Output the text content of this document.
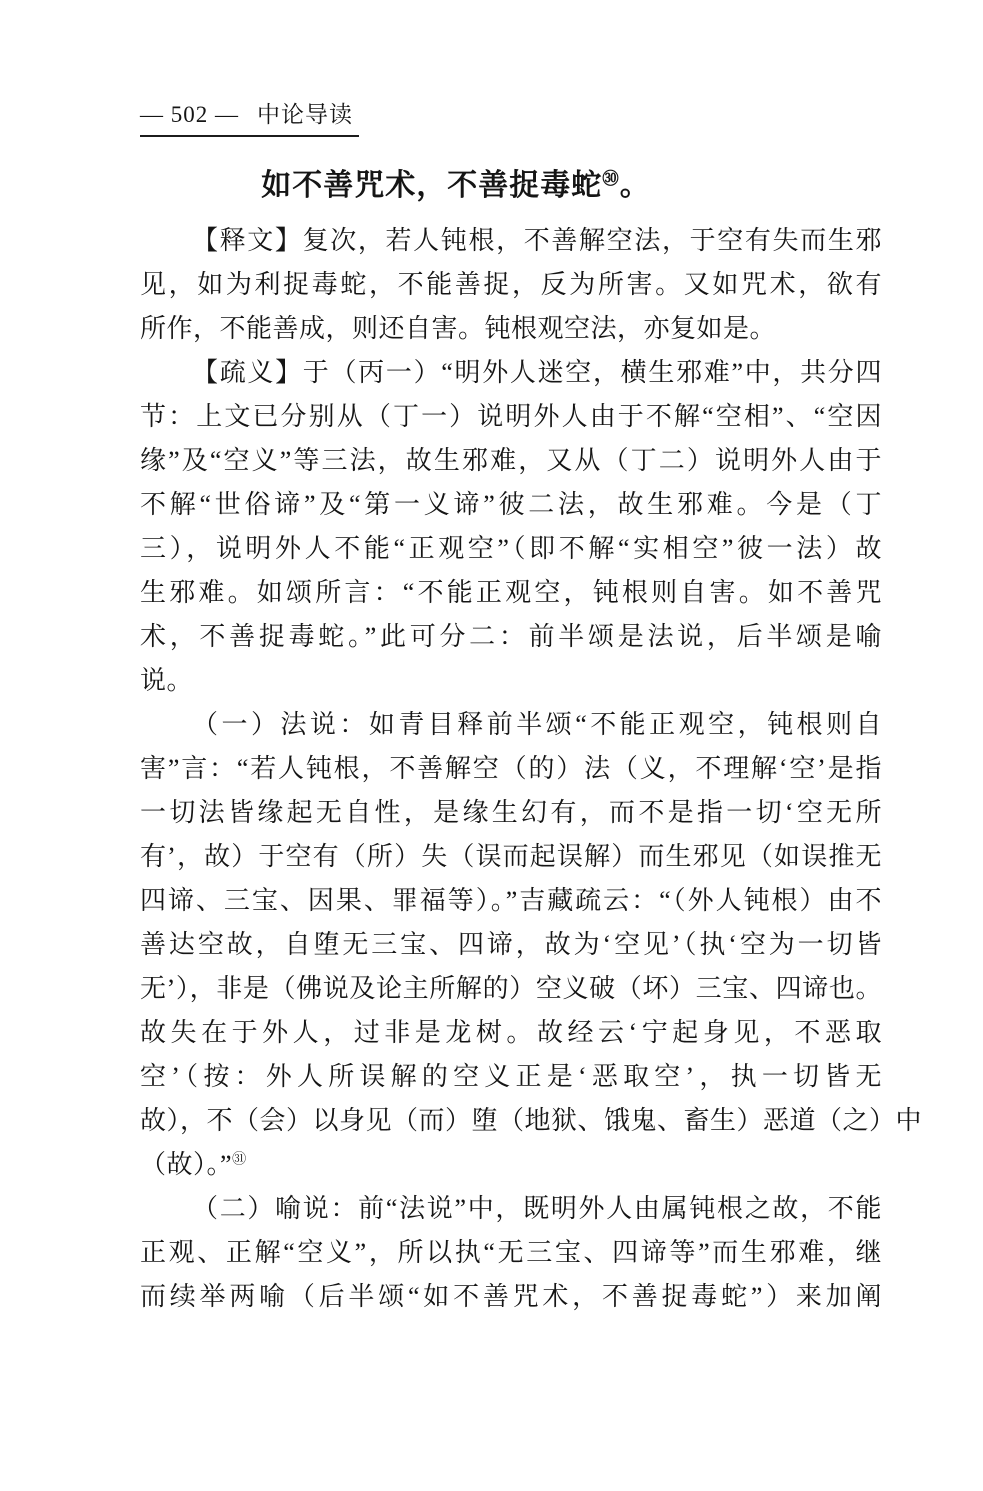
— 502 — 中论导读
如不善咒术，不善捉毒蛇$^㉚$。
【释文】复次，若人钝根，不善解空法，于空有失而生邪
见，如为利捉毒蛇，不能善捉，反为所害。又如咒术，欲有
所作，不能善成，则还自害。钝根观空法，亦复如是。
【疏义】于（丙一）“明外人迷空，横生邪难”中，共分四
节：上文已分别从（丁一）说明外人由于不解“空相”、“空因
缘”及“空义”等三法，故生邪难，又从（丁二）说明外人由于
不解“世俗谛”及“第一义谛”彼二法，故生邪难。今是（丁
三），说明外人不能“正观空”（即不解“实相空”彼一法）故
生邪难。如颂所言：“不能正观空，钝根则自害。如不善咒
术，不善捉毒蛇。”此可分二：前半颂是法说，后半颂是喻
说。
（一）法说：如青目释前半颂“不能正观空，钝根则自
害”言：“若人钝根，不善解空（的）法（义，不理解‘空’是指
一切法皆缘起无自性，是缘生幻有，而不是指一切‘空无所
有’，故）于空有（所）失（误而起误解）而生邪见（如误推无
四谛、三宝、因果、罪福等）。”吉藏疏云：“（外人钝根）由不
善达空故，自堕无三宝、四谛，故为‘空见’（执‘空为一切皆
无’），非是（佛说及论主所解的）空义破（坏）三宝、四谛也。
故失在于外人，过非是龙树。故经云‘宁起身见，不恶取
空’（按：外人所误解的空义正是‘恶取空’，执一切皆无
故），不（会）以身见（而）堕（地狱、饿鬼、畜生）恶道（之）中
（故）。”$^㉛$
（二）喻说：前“法说”中，既明外人由属钝根之故，不能
正观、正解“空义”，所以执“无三宝、四谛等”而生邪难，继
而续举两喻（后半颂“如不善咒术，不善捉毒蛇”）来加阐
